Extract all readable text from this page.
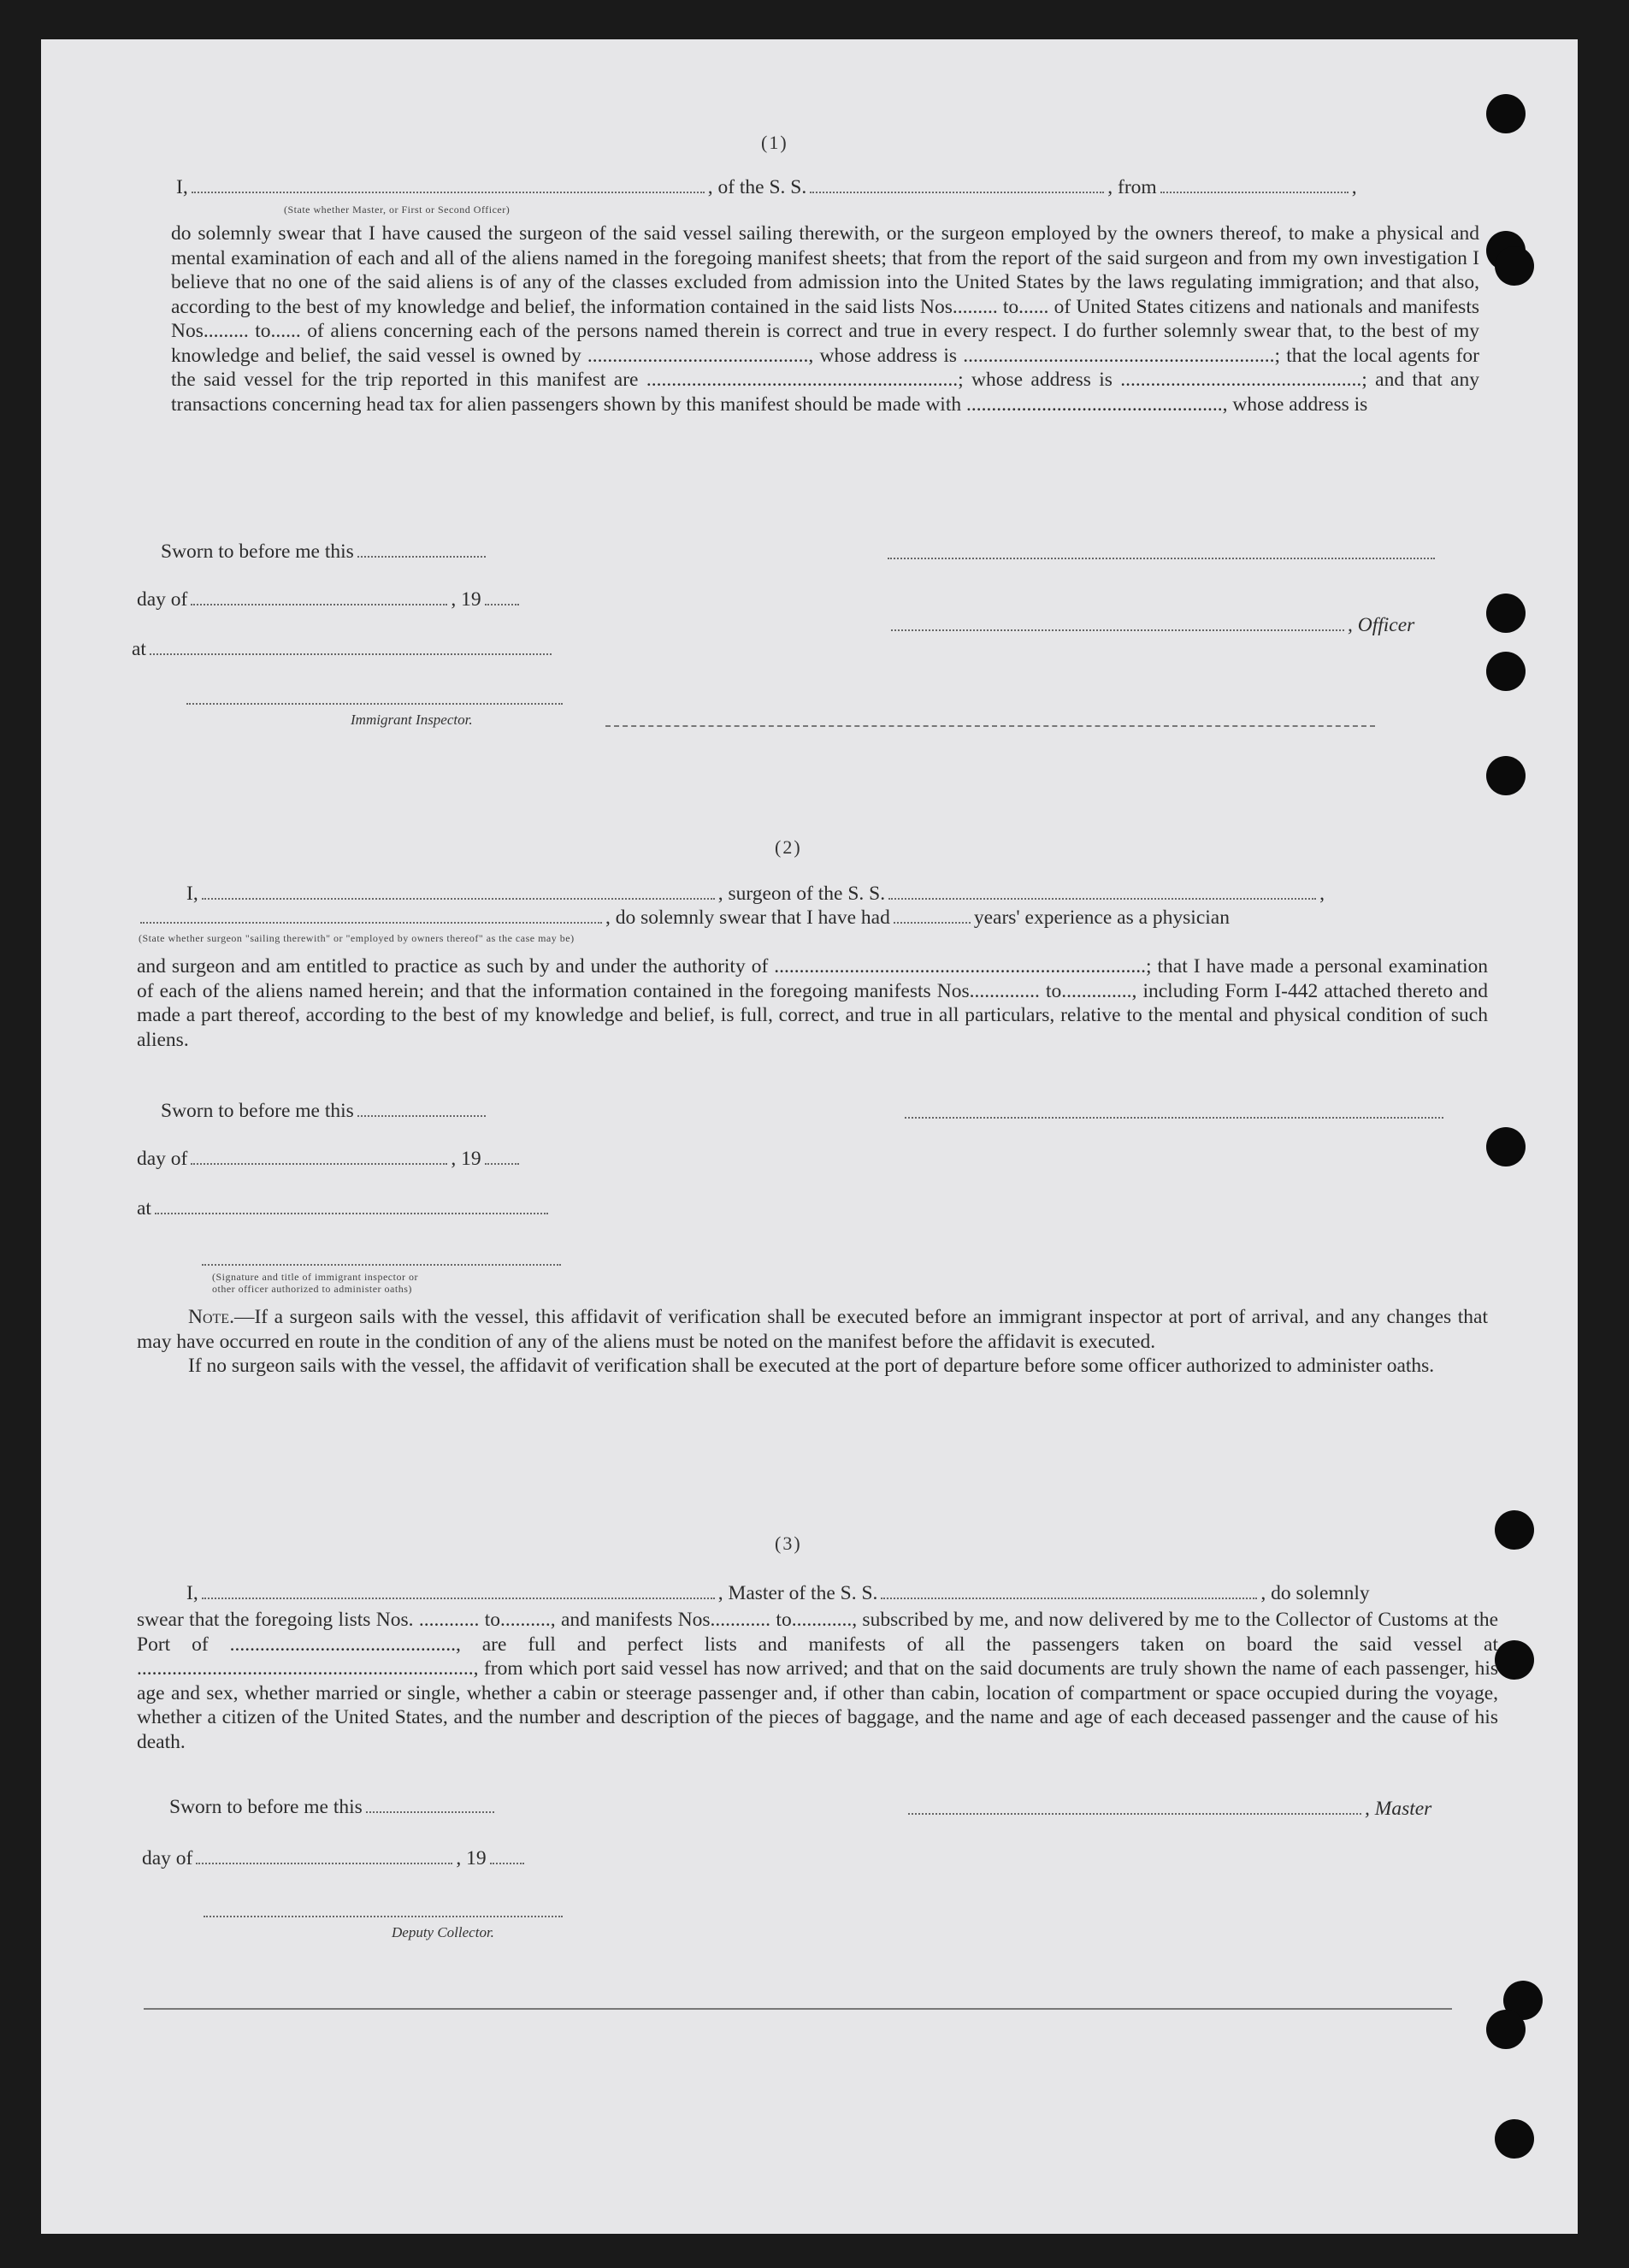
(1)
I,	, of the S. S.	, from	,
(State whether Master, or First or Second Officer)

do solemnly swear that I have caused the surgeon of the said vessel sailing therewith, or the surgeon employed by the owners thereof, to make a physical and mental examination of each and all of the aliens named in the foregoing manifest sheets; that from the report of the said surgeon and from my own investigation I believe that no one of the said aliens is of any of the classes excluded from admission into the United States by the laws regulating immigration; and that also, according to the best of my knowledge and belief, the information contained in the said lists Nos......... to...... of United States citizens and nationals and manifests Nos......... to...... of aliens concerning each of the persons named therein is correct and true in every respect. I do further solemnly swear that, to the best of my knowledge and belief, the said vessel is owned by ............................................, whose address is ..............................................................; that the local agents for the said vessel for the trip reported in this manifest are ..............................................................; whose address is ................................................; and that any transactions concerning head tax for alien passengers shown by this manifest should be made with ..................................................., whose address is

Sworn to before me this
day of	, 19
, Officer
at
Immigrant Inspector.
(2)
I,	, surgeon of the S. S.	,
, do solemnly swear that I have had	years' experience as a physician
(State whether surgeon "sailing therewith" or "employed by owners thereof" as the case may be)

and surgeon and am entitled to practice as such by and under the authority of ..........................................................................; that I have made a personal examination of each of the aliens named herein; and that the information contained in the foregoing manifests Nos.............. to.............., including Form I-442 attached thereto and made a part thereof, according to the best of my knowledge and belief, is full, correct, and true in all particulars, relative to the mental and physical condition of such aliens.

Sworn to before me this
day of	, 19
at
(Signature and title of immigrant inspector or
other officer authorized to administer oaths)

Note.—If a surgeon sails with the vessel, this affidavit of verification shall be executed before an immigrant inspector at port of arrival, and any changes that may have occurred en route in the condition of any of the aliens must be noted on the manifest before the affidavit is executed.

If no surgeon sails with the vessel, the affidavit of verification shall be executed at the port of departure before some officer authorized to administer oaths.

(3)
I,	, Master of the S. S.	, do solemnly

swear that the foregoing lists Nos. ............ to.........., and manifests Nos............ to............, subscribed by me, and now delivered by me to the Collector of Customs at the Port of ............................................., are full and perfect lists and manifests of all the passengers taken on board the said vessel at ..................................................................., from which port said vessel has now arrived; and that on the said documents are truly shown the name of each passenger, his age and sex, whether married or single, whether a cabin or steerage passenger and, if other than cabin, location of compartment or space occupied during the voyage, whether a citizen of the United States, and the number and description of the pieces of baggage, and the name and age of each deceased passenger and the cause of his death.

Sworn to before me this	, Master
day of	, 19
Deputy Collector.
